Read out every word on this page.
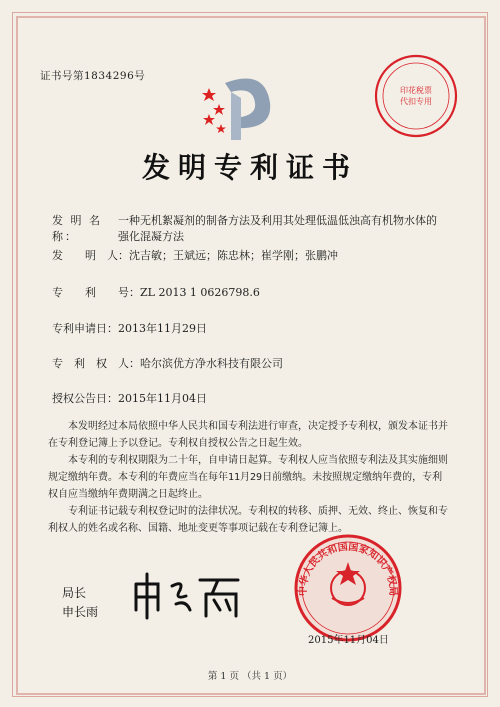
证书号第1834296号
印花税票
代扣专用
发明专利证书
发 明 名 称：
一种无机絮凝剂的制备方法及利用其处理低温低浊高有机物水体的强化混凝方法
发　　明　人：沈吉敏；王斌远；陈忠林；崔学刚；张鹏冲
专　　利　　号：ZL 2013 1 0626798.6
专利申请日：2013年11月29日
专　利　权　人：哈尔滨优方净水科技有限公司
授权公告日：2015年11月04日

本发明经过本局依照中华人民共和国专利法进行审查，决定授予专利权，颁发本证书并在专利登记簿上予以登记。专利权自授权公告之日起生效。

本专利的专利权期限为二十年，自申请日起算。专利权人应当依照专利法及其实施细则规定缴纳年费。本专利的年费应当在每年11月29日前缴纳。未按照规定缴纳年费的，专利权自应当缴纳年费期满之日起终止。

专利证书记载专利权登记时的法律状况。专利权的转移、质押、无效、终止、恢复和专利权人的姓名或名称、国籍、地址变更等事项记载在专利登记簿上。

局长
申长雨
中华人民共和国国家知识产权局
2015年11月04日
第 1 页 （共 1 页）
